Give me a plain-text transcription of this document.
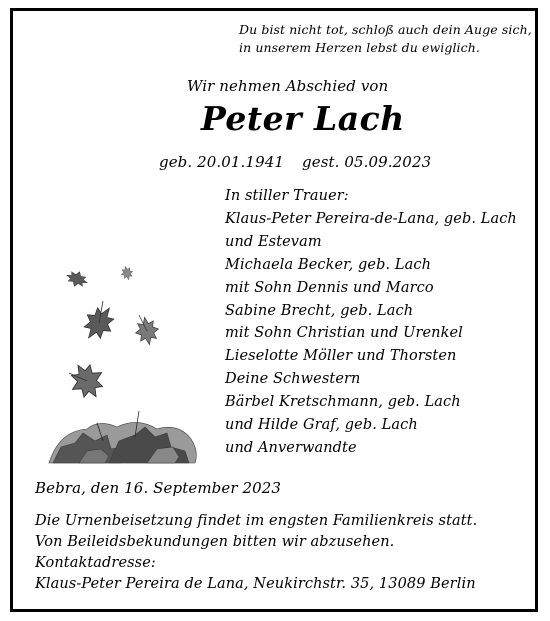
Du bist nicht tot, schloß auch dein Auge sich,
in unserem Herzen lebst du ewiglich.
Wir nehmen Abschied von
Peter Lach
geb. 20.01.1941 gest. 05.09.2023
In stiller Trauer:
Klaus-Peter Pereira-de-Lana, geb. Lach
und Estevam
Michaela Becker, geb. Lach
mit Sohn Dennis und Marco
Sabine Brecht, geb. Lach
mit Sohn Christian und Urenkel
Lieselotte Möller und Thorsten
Deine Schwestern
Bärbel Kretschmann, geb. Lach
und Hilde Graf, geb. Lach
und Anverwandte
Bebra, den 16. September 2023
Die Urnenbeisetzung findet im engsten Familienkreis statt.
Von Beileidsbekundungen bitten wir abzusehen.
Kontaktadresse:
Klaus-Peter Pereira de Lana, Neukirchstr. 35, 13089 Berlin
